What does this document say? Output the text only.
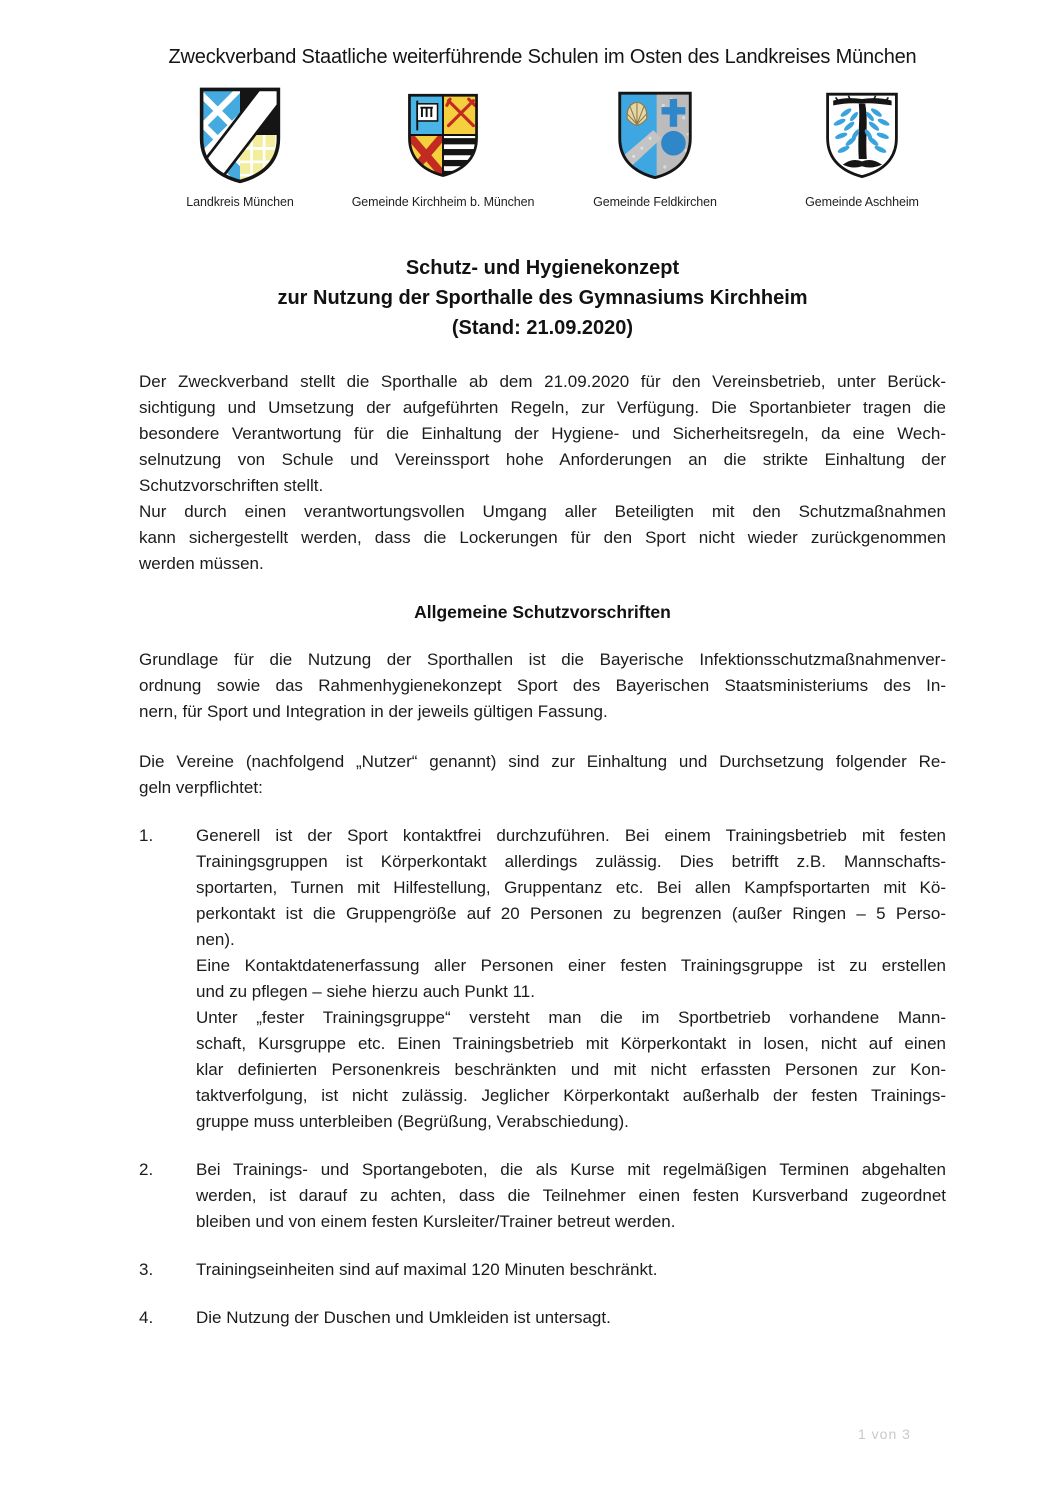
Zweckverband Staatliche weiterführende Schulen im Osten des Landkreises München
Landkreis München	Gemeinde Kirchheim b. München	Gemeinde Feldkirchen	Gemeinde Aschheim
Schutz- und Hygienekonzept
zur Nutzung der Sporthalle des Gymnasiums Kirchheim
(Stand: 21.09.2020)
Der Zweckverband stellt die Sporthalle ab dem 21.09.2020 für den Vereinsbetrieb, unter Berück-
sichtigung und Umsetzung der aufgeführten Regeln, zur Verfügung. Die Sportanbieter tragen die
besondere Verantwortung für die Einhaltung der Hygiene- und Sicherheitsregeln, da eine Wech-
selnutzung von Schule und Vereinssport hohe Anforderungen an die strikte Einhaltung der
Schutzvorschriften stellt.
Nur durch einen verantwortungsvollen Umgang aller Beteiligten mit den Schutzmaßnahmen
kann sichergestellt werden, dass die Lockerungen für den Sport nicht wieder zurückgenommen
werden müssen.
Allgemeine Schutzvorschriften
Grundlage für die Nutzung der Sporthallen ist die Bayerische Infektionsschutzmaßnahmenver-
ordnung sowie das Rahmenhygienekonzept Sport des Bayerischen Staatsministeriums des In-
nern, für Sport und Integration in der jeweils gültigen Fassung.
Die Vereine (nachfolgend „Nutzer“ genannt) sind zur Einhaltung und Durchsetzung folgender Re-
geln verpflichtet:
1.	Generell ist der Sport kontaktfrei durchzuführen. Bei einem Trainingsbetrieb mit festen
Trainingsgruppen ist Körperkontakt allerdings zulässig. Dies betrifft z.B. Mannschafts-
sportarten, Turnen mit Hilfestellung, Gruppentanz etc. Bei allen Kampfsportarten mit Kö-
perkontakt ist die Gruppengröße auf 20 Personen zu begrenzen (außer Ringen – 5 Perso-
nen).
Eine Kontaktdatenerfassung aller Personen einer festen Trainingsgruppe ist zu erstellen
und zu pflegen – siehe hierzu auch Punkt 11.
Unter „fester Trainingsgruppe“ versteht man die im Sportbetrieb vorhandene Mann-
schaft, Kursgruppe etc. Einen Trainingsbetrieb mit Körperkontakt in losen, nicht auf einen
klar definierten Personenkreis beschränkten und mit nicht erfassten Personen zur Kon-
taktverfolgung, ist nicht zulässig. Jeglicher Körperkontakt außerhalb der festen Trainings-
gruppe muss unterbleiben (Begrüßung, Verabschiedung).
2.	Bei Trainings- und Sportangeboten, die als Kurse mit regelmäßigen Terminen abgehalten
werden, ist darauf zu achten, dass die Teilnehmer einen festen Kursverband zugeordnet
bleiben und von einem festen Kursleiter/Trainer betreut werden.
3.	Trainingseinheiten sind auf maximal 120 Minuten beschränkt.
4.	Die Nutzung der Duschen und Umkleiden ist untersagt.
1 von 3
